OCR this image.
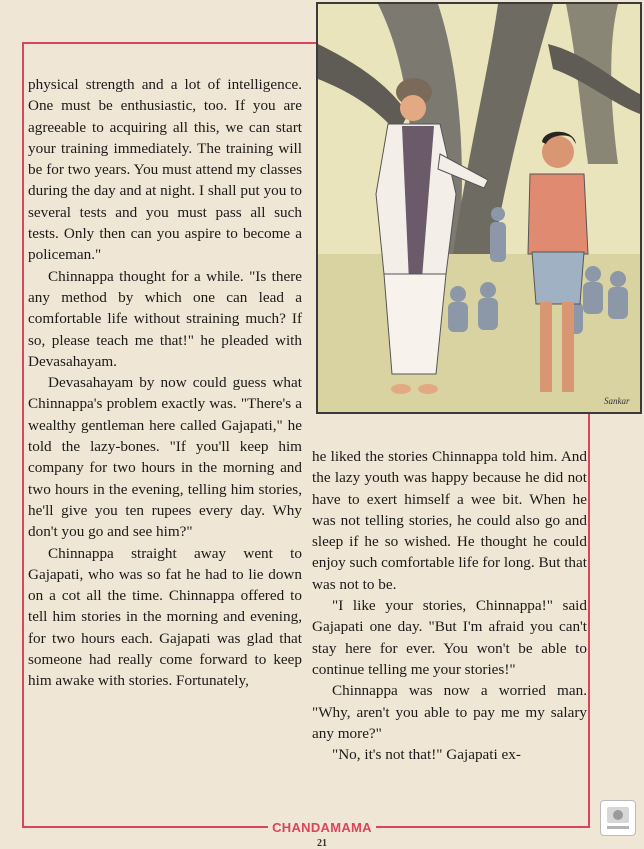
Sankar

physical strength and a lot of intelligence. One must be enthusiastic, too. If you are agreeable to acquiring all this, we can start your training immediately. The training will be for two years. You must attend my classes during the day and at night. I shall put you to several tests and you must pass all such tests. Only then can you aspire to become a policeman."

Chinnappa thought for a while. "Is there any method by which one can lead a comfortable life without straining much? If so, please teach me that!" he pleaded with Devasahayam.

Devasahayam by now could guess what Chinnappa's problem exactly was. "There's a wealthy gentleman here called Gajapati," he told the lazy-bones. "If you'll keep him company for two hours in the morning and two hours in the evening, telling him stories, he'll give you ten rupees every day. Why don't you go and see him?"

Chinnappa straight away went to Gajapati, who was so fat he had to lie down on a cot all the time. Chinnappa offered to tell him stories in the morning and evening, for two hours each. Gajapati was glad that someone had really come forward to keep him awake with stories. Fortunately,

he liked the stories Chinnappa told him. And the lazy youth was happy because he did not have to exert himself a wee bit. When he was not telling stories, he could also go and sleep if he so wished. He thought he could enjoy such comfortable life for long. But that was not to be.

"I like your stories, Chinnappa!" said Gajapati one day. "But I'm afraid you can't stay here for ever. You won't be able to continue telling me your stories!"

Chinnappa was now a worried man. "Why, aren't you able to pay me my salary any more?"

"No, it's not that!" Gajapati ex-

CHANDAMAMA
21
